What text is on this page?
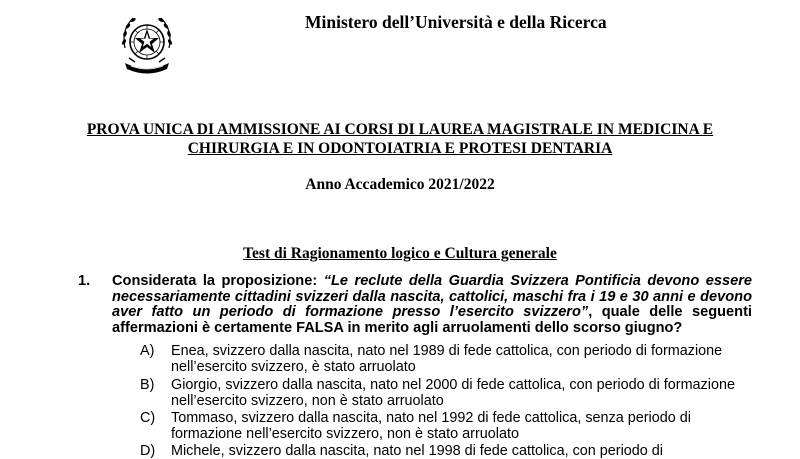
Ministero dell’Università e della Ricerca
PROVA UNICA DI AMMISSIONE AI CORSI DI LAUREA MAGISTRALE IN MEDICINA E
CHIRURGIA E IN ODONTOIATRIA E PROTESI DENTARIA
Anno Accademico 2021/2022
Test di Ragionamento logico e Cultura generale
1. Considerata la proposizione: “Le reclute della Guardia Svizzera Pontificia devono essere necessariamente cittadini svizzeri dalla nascita, cattolici, maschi fra i 19 e 30 anni e devono aver fatto un periodo di formazione presso l’esercito svizzero”, quale delle seguenti affermazioni è certamente FALSA in merito agli arruolamenti dello scorso giugno?
A) Enea, svizzero dalla nascita, nato nel 1989 di fede cattolica, con periodo di formazione
nell’esercito svizzero, è stato arruolato
B) Giorgio, svizzero dalla nascita, nato nel 2000 di fede cattolica, con periodo di formazione
nell’esercito svizzero, non è stato arruolato
C) Tommaso, svizzero dalla nascita, nato nel 1992 di fede cattolica, senza periodo di
formazione nell’esercito svizzero, non è stato arruolato
D) Michele, svizzero dalla nascita, nato nel 1998 di fede cattolica, con periodo di
